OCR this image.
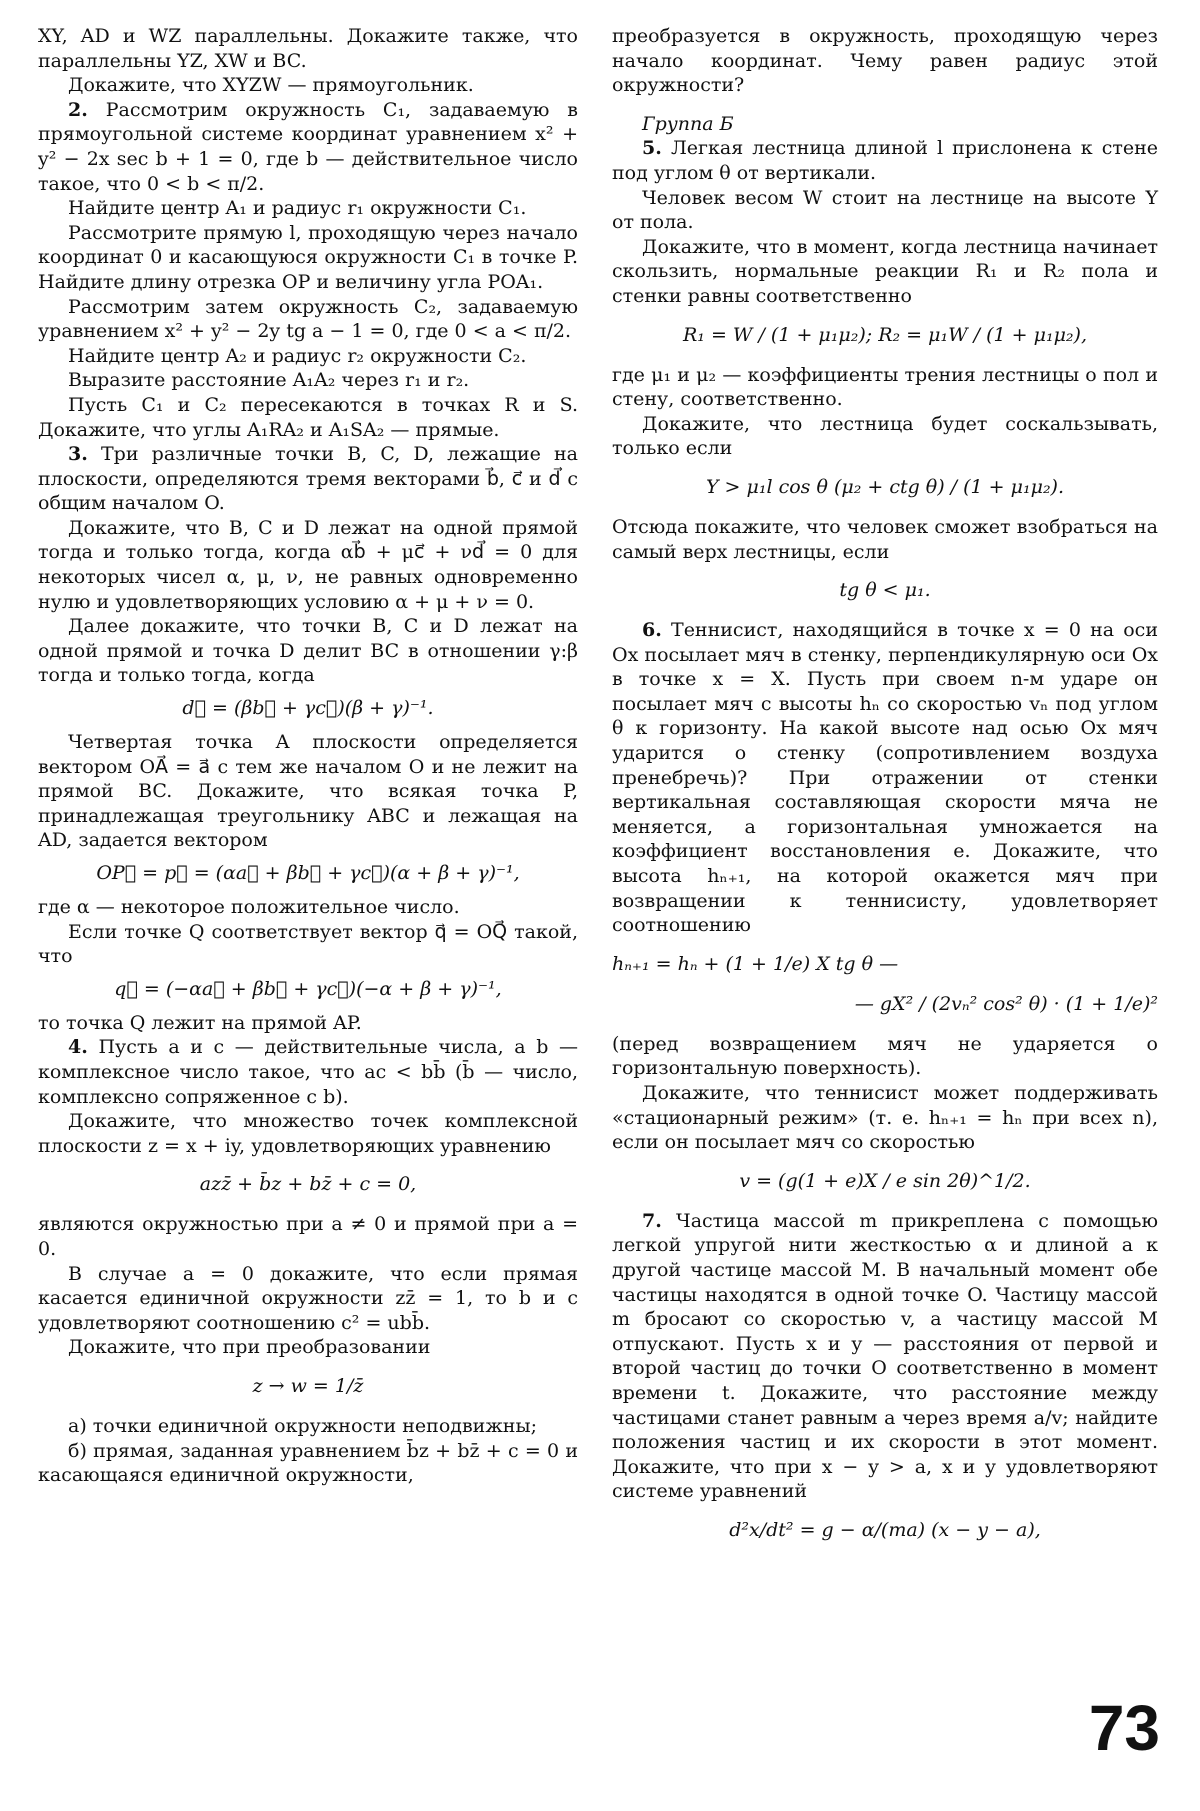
XY, AD и WZ параллельны. Докажите также, что параллельны YZ, XW и BC.

Докажите, что XYZW — прямоугольник.

2. Рассмотрим окружность C₁, задаваемую в прямоугольной системе координат уравнением x² + y² − 2x sec b + 1 = 0, где b — действительное число такое, что 0 < b < π/2.

Найдите центр A₁ и радиус r₁ окружности C₁.

Рассмотрите прямую l, проходящую через начало координат 0 и касающуюся окружности C₁ в точке P. Найдите длину отрезка OP и величину угла POA₁.

Рассмотрим затем окружность C₂, задаваемую уравнением x² + y² − 2y tg a − 1 = 0, где 0 < a < π/2.

Найдите центр A₂ и радиус r₂ окружности C₂.

Выразите расстояние A₁A₂ через r₁ и r₂.

Пусть C₁ и C₂ пересекаются в точках R и S. Докажите, что углы A₁RA₂ и A₁SA₂ — прямые.

3. Три различные точки B, C, D, лежащие на плоскости, определяются тремя векторами b⃗, c⃗ и d⃗ с общим началом O.

Докажите, что B, C и D лежат на одной прямой тогда и только тогда, когда αb⃗ + μc⃗ + νd⃗ = 0 для некоторых чисел α, μ, ν, не равных одновременно нулю и удовлетворяющих условию α + μ + ν = 0.

Далее докажите, что точки B, C и D лежат на одной прямой и точка D делит BC в отношении γ:β тогда и только тогда, когда

d⃗ = (βb⃗ + γc⃗)(β + γ)⁻¹.

Четвертая точка A плоскости определяется вектором OA⃗ = a⃗ с тем же началом O и не лежит на прямой BC. Докажите, что всякая точка P, принадлежащая треугольнику ABC и лежащая на AD, задается вектором

OP⃗ = p⃗ = (αa⃗ + βb⃗ + γc⃗)(α + β + γ)⁻¹,

где α — некоторое положительное число.

Если точке Q соответствует вектор q⃗ = OQ⃗ такой, что

q⃗ = (−αa⃗ + βb⃗ + γc⃗)(−α + β + γ)⁻¹,

то точка Q лежит на прямой AP.

4. Пусть a и c — действительные числа, a b — комплексное число такое, что ac < bb̄ (b̄ — число, комплексно сопряженное с b).

Докажите, что множество точек комплексной плоскости z = x + iy, удовлетворяющих уравнению

azz̄ + b̄z + bz̄ + c = 0,

являются окружностью при a ≠ 0 и прямой при a = 0.

В случае a = 0 докажите, что если прямая касается единичной окружности zz̄ = 1, то b и c удовлетворяют соотношению c² = ubb̄.

Докажите, что при преобразовании

z → w = 1/z̄

а) точки единичной окружности неподвижны;

б) прямая, заданная уравнением b̄z + bz̄ + c = 0 и касающаяся единичной окружности,

преобразуется в окружность, проходящую через начало координат. Чему равен радиус этой окружности?

Группа Б

5. Легкая лестница длиной l прислонена к стене под углом θ от вертикали.

Человек весом W стоит на лестнице на высоте Y от пола.

Докажите, что в момент, когда лестница начинает скользить, нормальные реакции R₁ и R₂ пола и стенки равны соответственно

R₁ = W / (1 + μ₁μ₂); R₂ = μ₁W / (1 + μ₁μ₂),

где μ₁ и μ₂ — коэффициенты трения лестницы о пол и стену, соответственно.

Докажите, что лестница будет соскальзывать, только если

Y > μ₁l cos θ (μ₂ + ctg θ) / (1 + μ₁μ₂).

Отсюда покажите, что человек сможет взобраться на самый верх лестницы, если

tg θ < μ₁.

6. Теннисист, находящийся в точке x = 0 на оси Ox посылает мяч в стенку, перпендикулярную оси Ox в точке x = X. Пусть при своем n-м ударе он посылает мяч с высоты hₙ со скоростью vₙ под углом θ к горизонту. На какой высоте над осью Ox мяч ударится о стенку (сопротивлением воздуха пренебречь)? При отражении от стенки вертикальная составляющая скорости мяча не меняется, а горизонтальная умножается на коэффициент восстановления e. Докажите, что высота hₙ₊₁, на которой окажется мяч при возвращении к теннисисту, удовлетворяет соотношению

hₙ₊₁ = hₙ + (1 + 1/e) X tg θ —
— gX² / (2vₙ² cos² θ) · (1 + 1/e)²

(перед возвращением мяч не ударяется о горизонтальную поверхность).

Докажите, что теннисист может поддерживать «стационарный режим» (т. е. hₙ₊₁ = hₙ при всех n), если он посылает мяч со скоростью

v = (g(1 + e)X / e sin 2θ)^1/2.

7. Частица массой m прикреплена с помощью легкой упругой нити жесткостью α и длиной a к другой частице массой M. В начальный момент обе частицы находятся в одной точке O. Частицу массой m бросают со скоростью v, а частицу массой M отпускают. Пусть x и y — расстояния от первой и второй частиц до точки O соответственно в момент времени t. Докажите, что расстояние между частицами станет равным a через время a/v; найдите положения частиц и их скорости в этот момент. Докажите, что при x − y > a, x и y удовлетворяют системе уравнений

d²x/dt² = g − α/(ma) (x − y − a),
73
